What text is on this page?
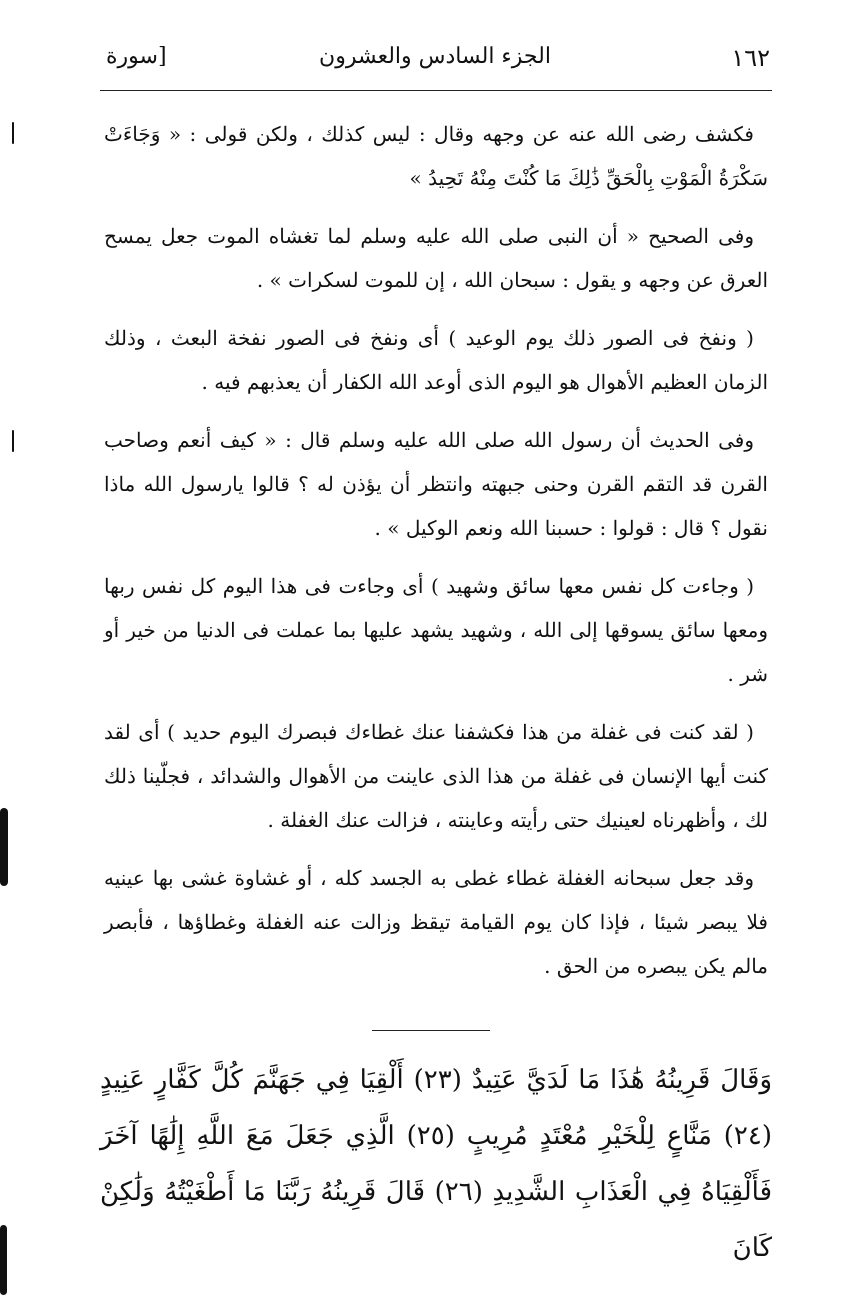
١٦٢
الجزء السادس والعشرون
[سورة

فكشف رضى الله عنه عن وجهه وقال : ليس كذلك ، ولكن قولى : « وَجَاءَتْ سَكْرَةُ الْمَوْتِ بِالْحَقِّ ذَٰلِكَ مَا كُنْتَ مِنْهُ تَحِيدُ »

وفى الصحيح « أن النبى صلى الله عليه وسلم لما تغشاه الموت جعل يمسح العرق عن وجهه و يقول : سبحان الله ، إن للموت لسكرات » .

( ونفخ فى الصور ذلك يوم الوعيد ) أى ونفخ فى الصور نفخة البعث ، وذلك الزمان العظيم الأهوال هو اليوم الذى أوعد الله الكفار أن يعذبهم فيه .

وفى الحديث أن رسول الله صلى الله عليه وسلم قال : « كيف أنعم وصاحب القرن قد التقم القرن وحنى جبهته وانتظر أن يؤذن له ؟ قالوا يارسول الله ماذا نقول ؟ قال : قولوا : حسبنا الله ونعم الوكيل » .

( وجاءت كل نفس معها سائق وشهيد ) أى وجاءت فى هذا اليوم كل نفس ربها ومعها سائق يسوقها إلى الله ، وشهيد يشهد عليها بما عملت فى الدنيا من خير أو شر .

( لقد كنت فى غفلة من هذا فكشفنا عنك غطاءك فبصرك اليوم حديد ) أى لقد كنت أيها الإنسان فى غفلة من هذا الذى عاينت من الأهوال والشدائد ، فجلّينا ذلك لك ، وأظهرناه لعينيك حتى رأيته وعاينته ، فزالت عنك الغفلة .

وقد جعل سبحانه الغفلة غطاء غطى به الجسد كله ، أو غشاوة غشى بها عينيه فلا يبصر شيئا ، فإذا كان يوم القيامة تيقظ وزالت عنه الغفلة وغطاؤها ، فأبصر مالم يكن يبصره من الحق .

وَقَالَ قَرِينُهُ هَٰذَا مَا لَدَيَّ عَتِيدٌ (٢٣) أَلْقِيَا فِي جَهَنَّمَ كُلَّ كَفَّارٍ عَنِيدٍ (٢٤) مَنَّاعٍ لِلْخَيْرِ مُعْتَدٍ مُرِيبٍ (٢٥) الَّذِي جَعَلَ مَعَ اللَّهِ إِلَٰهًا آخَرَ فَأَلْقِيَاهُ فِي الْعَذَابِ الشَّدِيدِ (٢٦) قَالَ قَرِينُهُ رَبَّنَا مَا أَطْغَيْتُهُ وَلَٰكِنْ كَانَ
